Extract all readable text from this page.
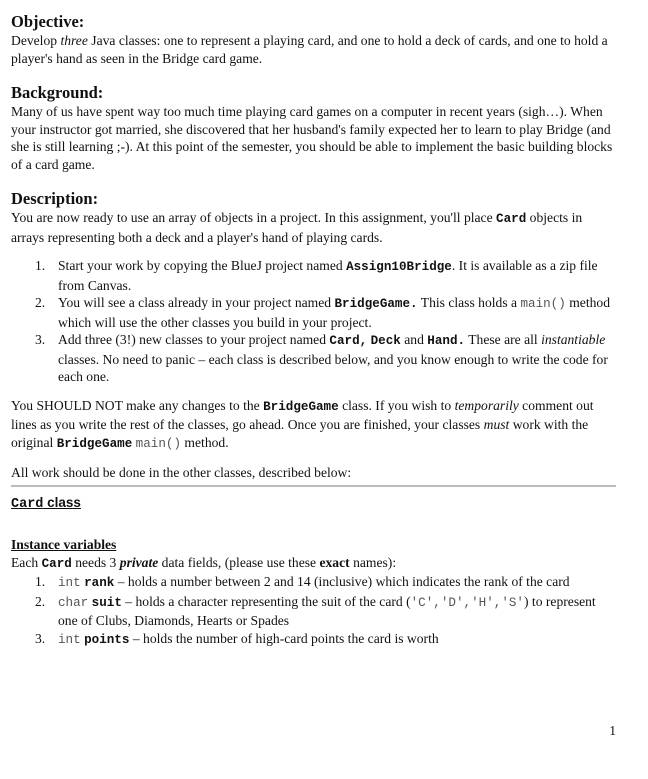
Objective:

Develop three Java classes: one to represent a playing card, and one to hold a deck of cards, and one to hold a player's hand as seen in the Bridge card game.

Background:

Many of us have spent way too much time playing card games on a computer in recent years (sigh…). When your instructor got married, she discovered that her husband's family expected her to learn to play Bridge (and she is still learning ;-). At this point of the semester, you should be able to implement the basic building blocks of a card game.

Description:

You are now ready to use an array of objects in a project. In this assignment, you'll place Card objects in arrays representing both a deck and a player's hand of playing cards.

1. Start your work by copying the BlueJ project named Assign10Bridge. It is available as a zip file from Canvas.
2. You will see a class already in your project named BridgeGame. This class holds a main() method which will use the other classes you build in your project.
3. Add three (3!) new classes to your project named Card, Deck and Hand. These are all instantiable classes. No need to panic – each class is described below, and you know enough to write the code for each one.

You SHOULD NOT make any changes to the BridgeGame class. If you wish to temporarily comment out lines as you write the rest of the classes, go ahead. Once you are finished, your classes must work with the original BridgeGame main() method.

All work should be done in the other classes, described below:

Card class

Instance variables

Each Card needs 3 private data fields, (please use these exact names):

1. int rank – holds a number between 2 and 14 (inclusive) which indicates the rank of the card
2. char suit – holds a character representing the suit of the card ('C','D','H','S') to represent one of Clubs, Diamonds, Hearts or Spades
3. int points – holds the number of high-card points the card is worth
1
